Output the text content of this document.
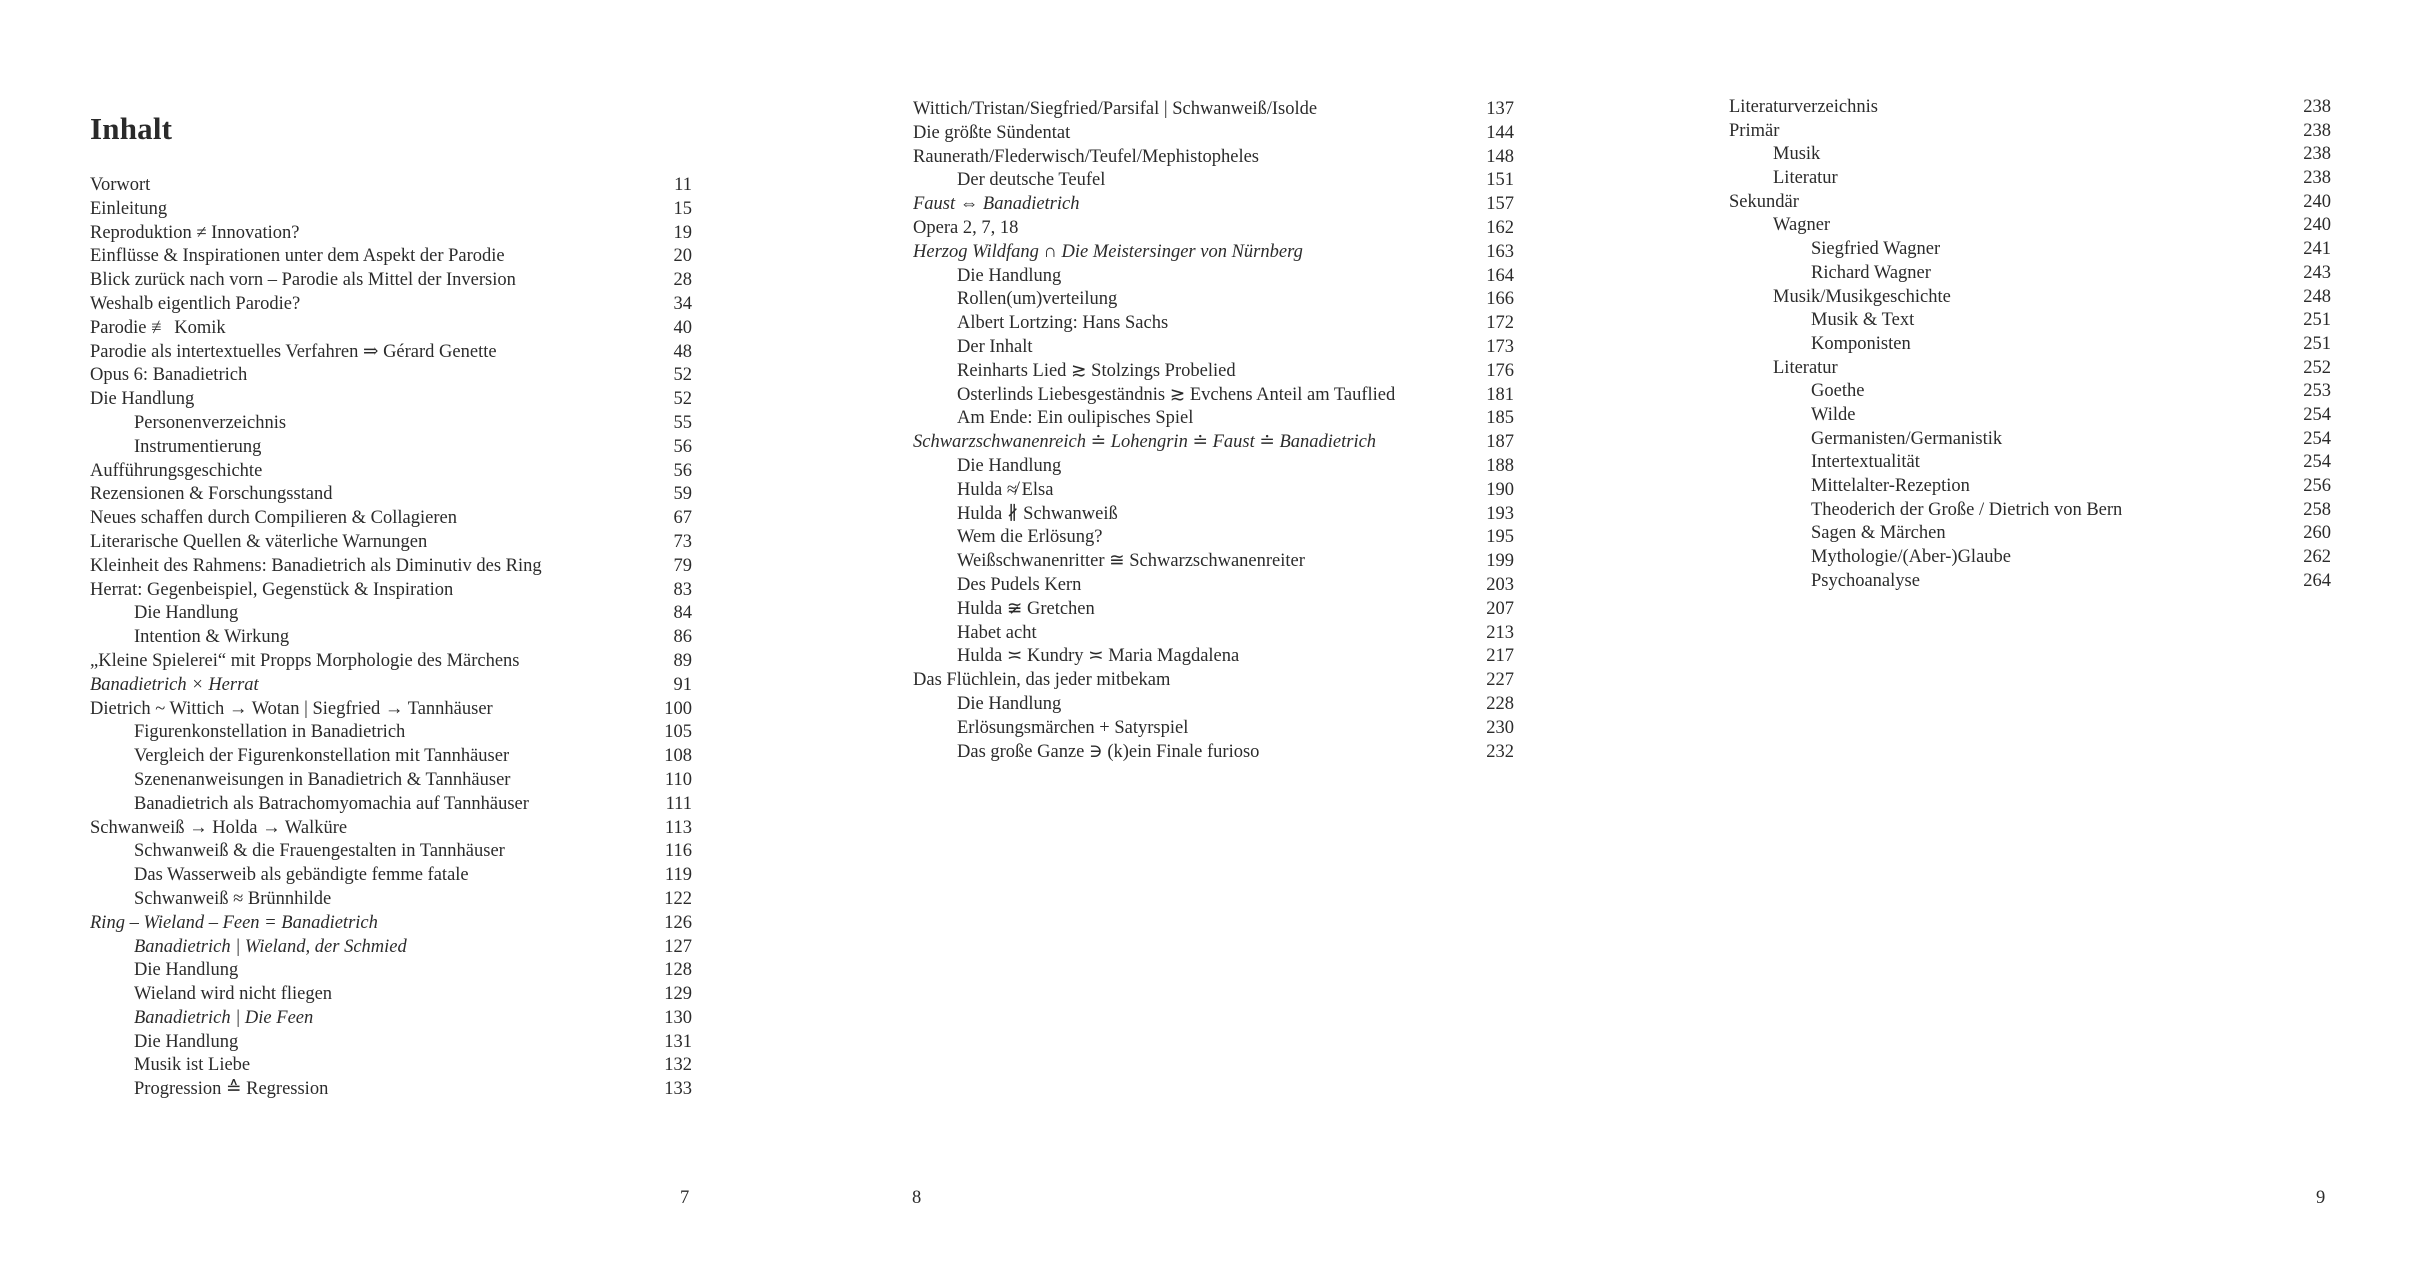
Inhalt
Vorwort	11
Einleitung	15
Reproduktion ≠ Innovation?	19
Einflüsse & Inspirationen unter dem Aspekt der Parodie	20
Blick zurück nach vorn – Parodie als Mittel der Inversion	28
Weshalb eigentlich Parodie?	34
Parodie ≢ Komik	40
Parodie als intertextuelles Verfahren ⇒ Gérard Genette	48
Opus 6: Banadietrich	52
Die Handlung	52
Personenverzeichnis	55
Instrumentierung	56
Aufführungsgeschichte	56
Rezensionen & Forschungsstand	59
Neues schaffen durch Compilieren & Collagieren	67
Literarische Quellen & väterliche Warnungen	73
Kleinheit des Rahmens: Banadietrich als Diminutiv des Ring	79
Herrat: Gegenbeispiel, Gegenstück & Inspiration	83
Die Handlung	84
Intention & Wirkung	86
„Kleine Spielerei“ mit Propps Morphologie des Märchens	89
Banadietrich × Herrat	91
Dietrich ~ Wittich → Wotan | Siegfried → Tannhäuser	100
Figurenkonstellation in Banadietrich	105
Vergleich der Figurenkonstellation mit Tannhäuser	108
Szenenanweisungen in Banadietrich & Tannhäuser	110
Banadietrich als Batrachomyomachia auf Tannhäuser	111
Schwanweiß → Holda → Walküre	113
Schwanweiß & die Frauengestalten in Tannhäuser	116
Das Wasserweib als gebändigte femme fatale	119
Schwanweiß ≈ Brünnhilde	122
Ring – Wieland – Feen = Banadietrich	126
Banadietrich | Wieland, der Schmied	127
Die Handlung	128
Wieland wird nicht fliegen	129
Banadietrich | Die Feen	130
Die Handlung	131
Musik ist Liebe	132
Progression ≙ Regression	133
Wittich/Tristan/Siegfried/Parsifal | Schwanweiß/Isolde	137
Die größte Sündentat	144
Raunerath/Flederwisch/Teufel/Mephistopheles	148
Der deutsche Teufel	151
Faust ⇔ Banadietrich	157
Opera 2, 7, 18	162
Herzog Wildfang ∩ Die Meistersinger von Nürnberg	163
Die Handlung	164
Rollen(um)verteilung	166
Albert Lortzing: Hans Sachs	172
Der Inhalt	173
Reinharts Lied ≳ Stolzings Probelied	176
Osterlinds Liebesgeständnis ≳ Evchens Anteil am Tauflied	181
Am Ende: Ein oulipisches Spiel	185
Schwarzschwanenreich ≐ Lohengrin ≐ Faust ≐ Banadietrich	187
Die Handlung	188
Hulda ≉ Elsa	190
Hulda ∦ Schwanweiß	193
Wem die Erlösung?	195
Weißschwanenritter ≅ Schwarzschwanenreiter	199
Des Pudels Kern	203
Hulda ≆ Gretchen	207
Habet acht	213
Hulda ≍ Kundry ≍ Maria Magdalena	217
Das Flüchlein, das jeder mitbekam	227
Die Handlung	228
Erlösungsmärchen + Satyrspiel	230
Das große Ganze ∋ (k)ein Finale furioso	232
Literaturverzeichnis	238
Primär	238
Musik	238
Literatur	238
Sekundär	240
Wagner	240
Siegfried Wagner	241
Richard Wagner	243
Musik/Musikgeschichte	248
Musik & Text	251
Komponisten	251
Literatur	252
Goethe	253
Wilde	254
Germanisten/Germanistik	254
Intertextualität	254
Mittelalter-Rezeption	256
Theoderich der Große / Dietrich von Bern	258
Sagen & Märchen	260
Mythologie/(Aber-)Glaube	262
Psychoanalyse	264
7	8	9
